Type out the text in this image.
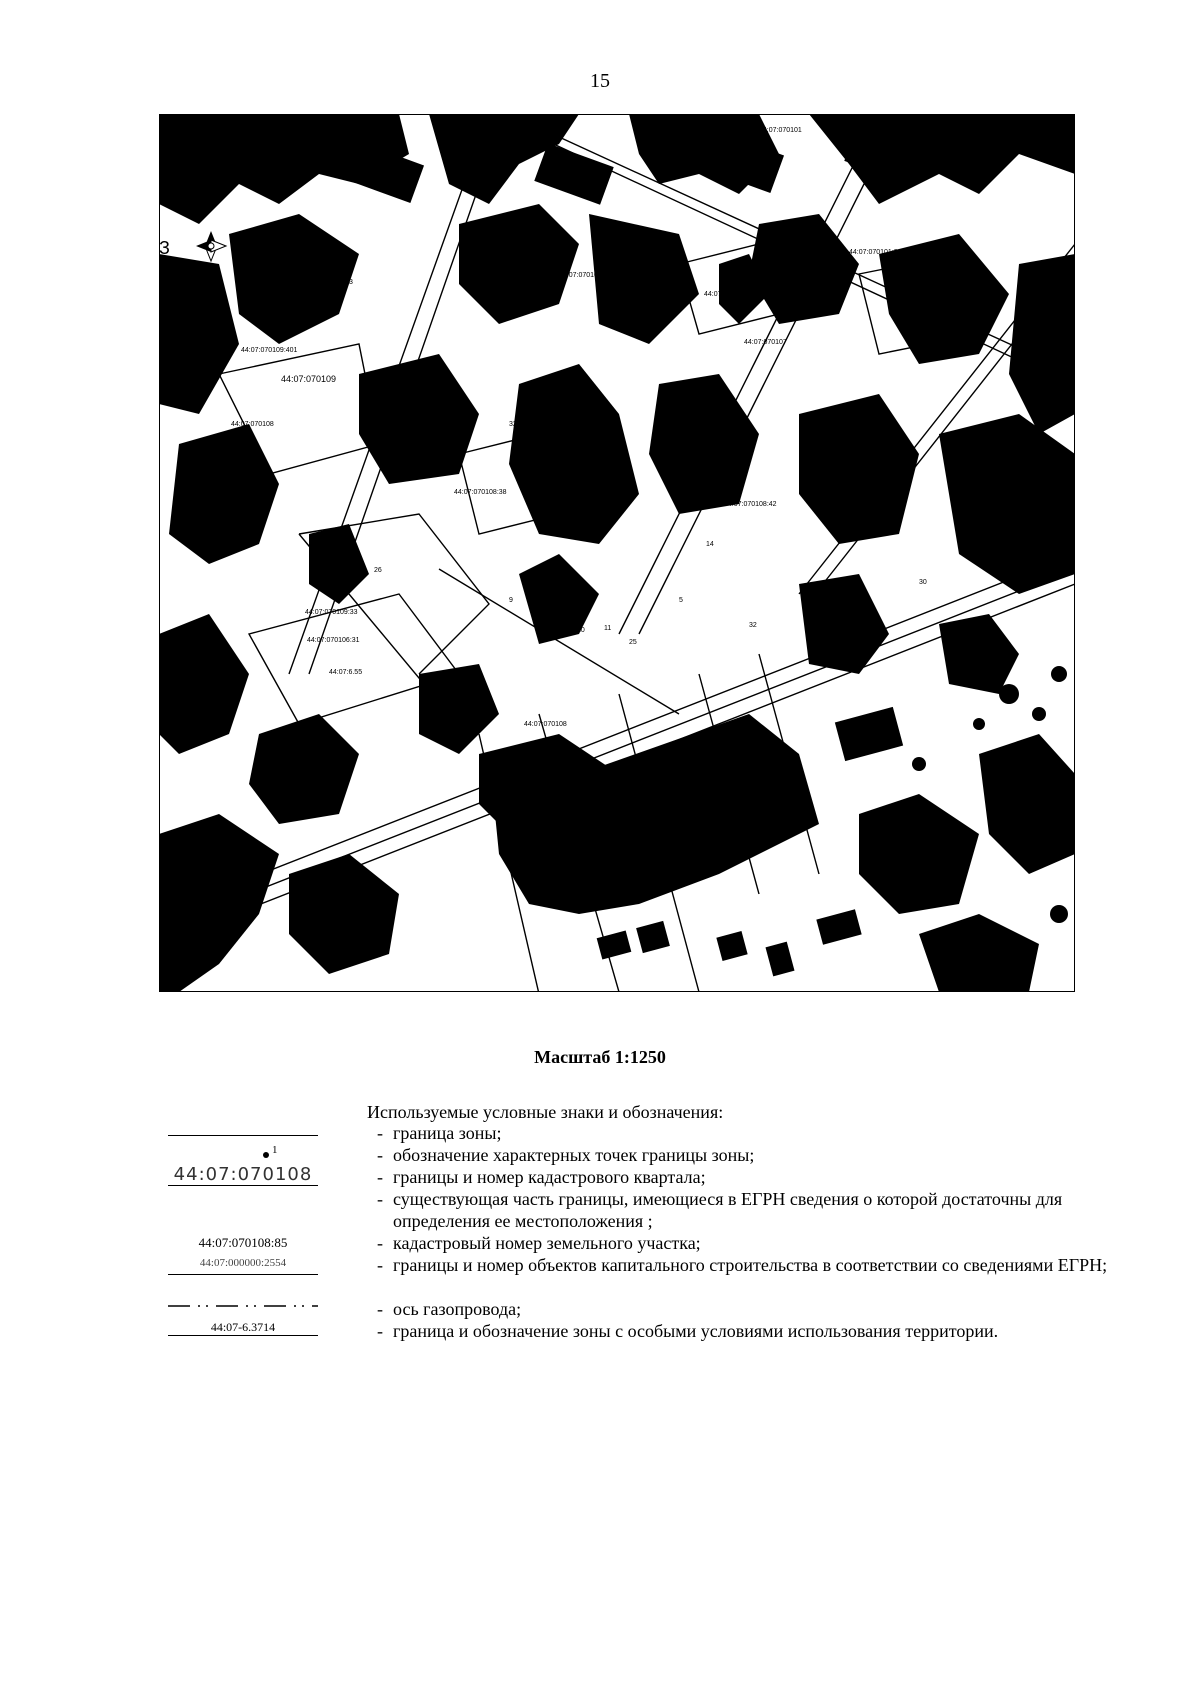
15
З
44:07:070109:401
44:07:070109
44:07:070108
44:07:070108:31
44:07:070108:32
44:07:070107
44:07:070109:33
44:07:070108:42
44:07:070108:38
44:07:070101:310
44:07:000000
44:07:070106:31
44:07:6.55
44:07:070108
44:07:070101
320
3
9
10	11	32
31
30
26
25
14
5
Масштаб 1:1250
Используемые условные знаки и обозначения:
- граница зоны;
1	- обозначение характерных точек границы зоны;
44:07:070108	- границы и номер кадастрового квартала;
- существующая часть границы, имеющиеся в ЕГРН сведения о которой достаточны для определения ее местоположения ;
44:07:070108:85	- кадастровый номер земельного участка;
44:07:000000:2554	- границы и номер объектов капитального строительства в соответствии со сведениями ЕГРН;
- ось газопровода;
44:07-6.3714	- граница и обозначение зоны с особыми условиями использования территории.
